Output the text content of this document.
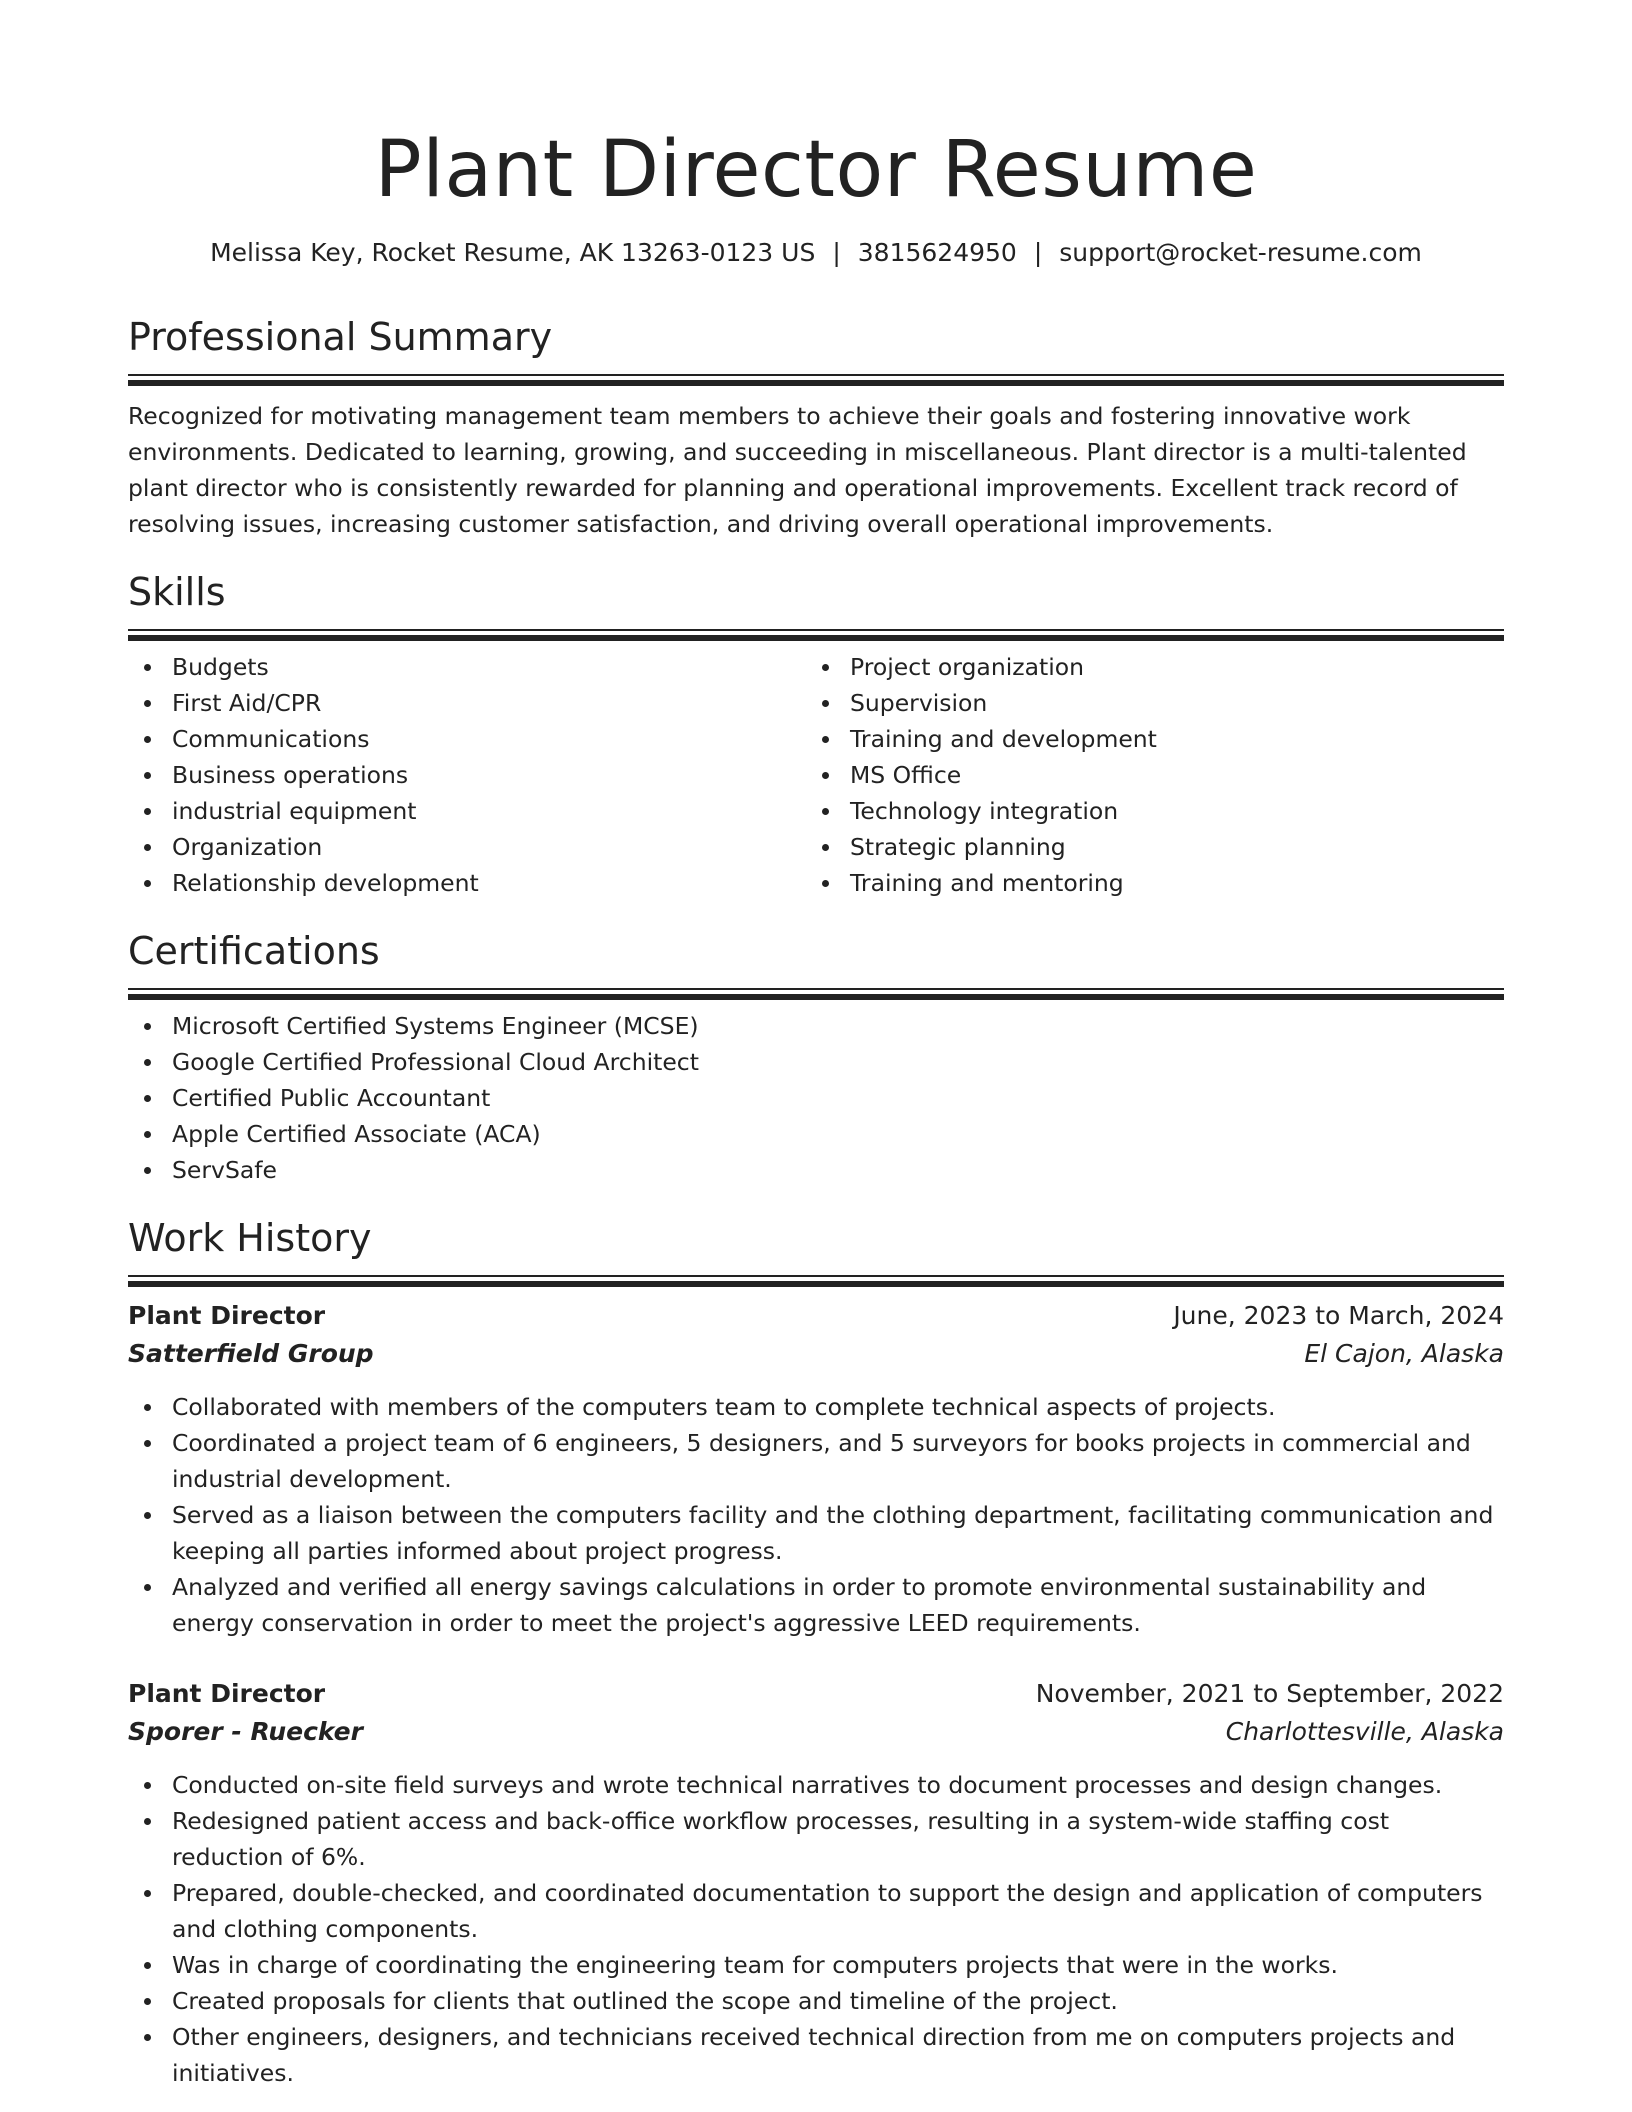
Plant Director Resume
Melissa Key, Rocket Resume, AK 13263-0123 US | 3815624950 | support@rocket-resume.com
Professional Summary

Recognized for motivating management team members to achieve their goals and fostering innovative work environments. Dedicated to learning, growing, and succeeding in miscellaneous. Plant director is a multi-talented plant director who is consistently rewarded for planning and operational improvements. Excellent track record of resolving issues, increasing customer satisfaction, and driving overall operational improvements.

Skills
Budgets
First Aid/CPR
Communications
Business operations
industrial equipment
Organization
Relationship development
Project organization
Supervision
Training and development
MS Office
Technology integration
Strategic planning
Training and mentoring
Certifications
Microsoft Certified Systems Engineer (MCSE)
Google Certified Professional Cloud Architect
Certified Public Accountant
Apple Certified Associate (ACA)
ServSafe
Work History
Plant Director	June, 2023 to March, 2024
Satterfield Group	El Cajon, Alaska
Collaborated with members of the computers team to complete technical aspects of projects.
Coordinated a project team of 6 engineers, 5 designers, and 5 surveyors for books projects in commercial and industrial development.
Served as a liaison between the computers facility and the clothing department, facilitating communication and keeping all parties informed about project progress.
Analyzed and verified all energy savings calculations in order to promote environmental sustainability and energy conservation in order to meet the project's aggressive LEED requirements.
Plant Director	November, 2021 to September, 2022
Sporer - Ruecker	Charlottesville, Alaska
Conducted on-site field surveys and wrote technical narratives to document processes and design changes.
Redesigned patient access and back-office workflow processes, resulting in a system-wide staffing cost reduction of 6%.
Prepared, double-checked, and coordinated documentation to support the design and application of computers and clothing components.
Was in charge of coordinating the engineering team for computers projects that were in the works.
Created proposals for clients that outlined the scope and timeline of the project.
Other engineers, designers, and technicians received technical direction from me on computers projects and initiatives.
